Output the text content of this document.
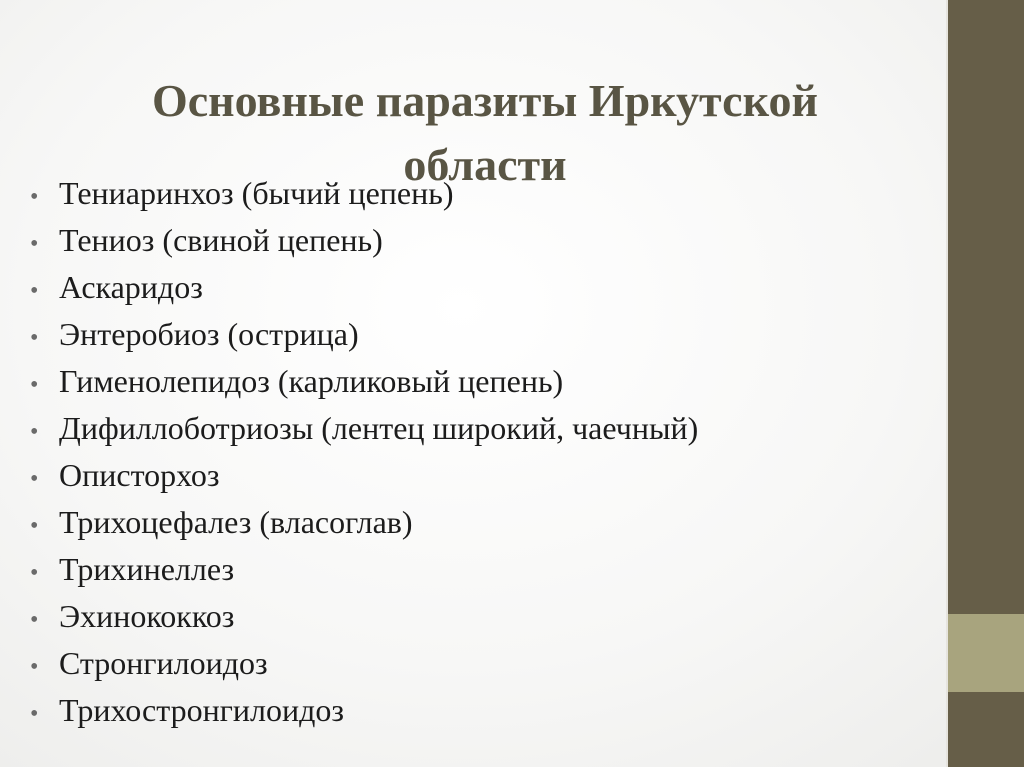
Основные паразиты Иркутской
области
• Тениаринхоз (бычий цепень)
• Тениоз (свиной цепень)
• Аскаридоз
• Энтеробиоз (острица)
• Гименолепидоз (карликовый цепень)
• Дифиллоботриозы (лентец широкий, чаечный)
• Описторхоз
• Трихоцефалез (власоглав)
• Трихинеллез
• Эхинококкоз
• Стронгилоидоз
• Трихостронгилоидоз
